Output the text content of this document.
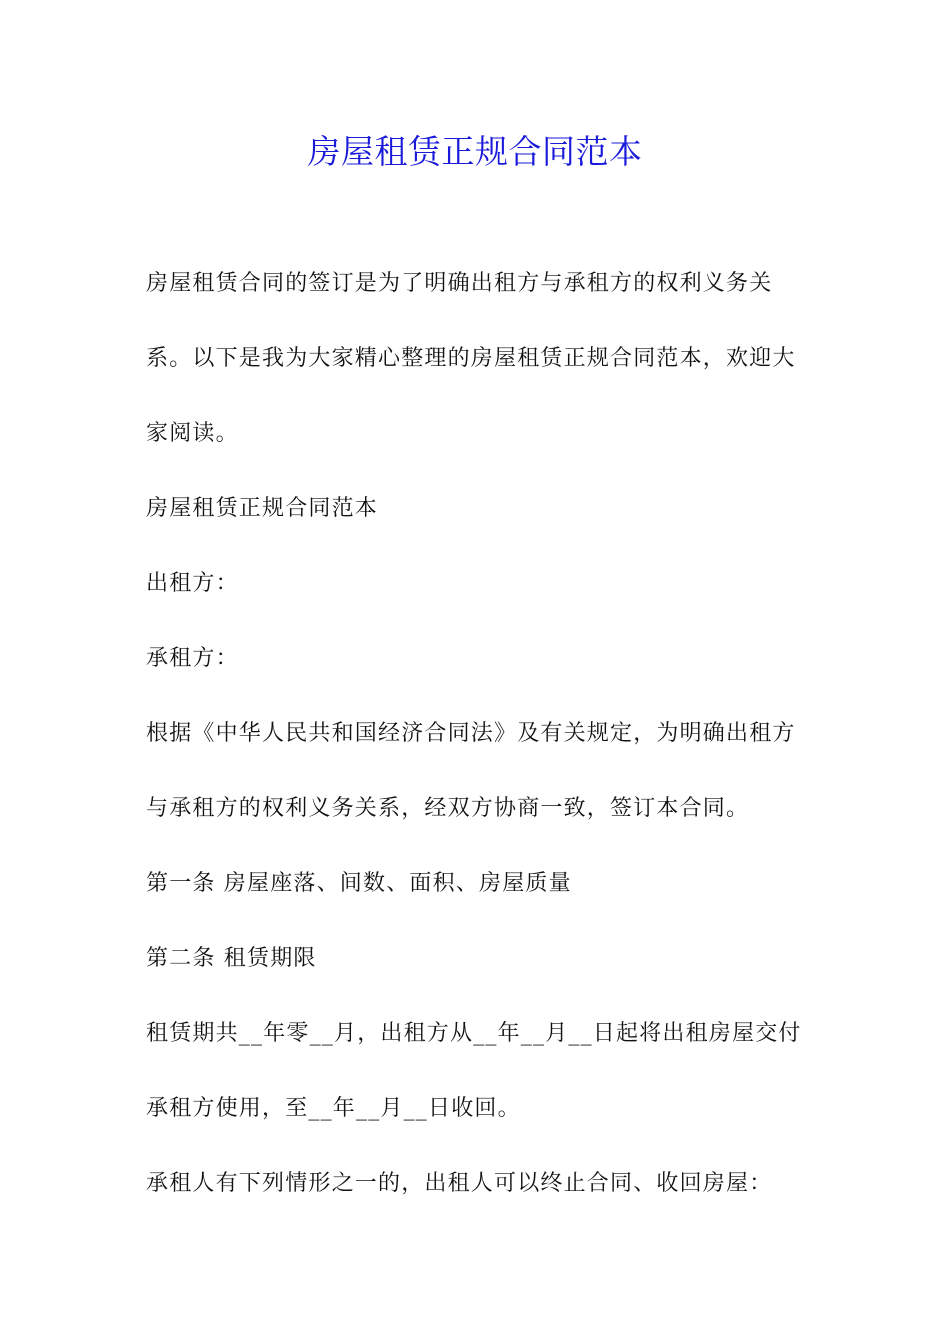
房屋租赁正规合同范本

房屋租赁合同的签订是为了明确出租方与承租方的权利义务关系。以下是我为大家精心整理的房屋租赁正规合同范本，欢迎大家阅读。

房屋租赁正规合同范本

出租方：

承租方：

根据《中华人民共和国经济合同法》及有关规定，为明确出租方与承租方的权利义务关系，经双方协商一致，签订本合同。

第一条 房屋座落、间数、面积、房屋质量

第二条 租赁期限

租赁期共__年零__月，出租方从__年__月__日起将出租房屋交付承租方使用，至__年__月__日收回。

承租人有下列情形之一的，出租人可以终止合同、收回房屋：
